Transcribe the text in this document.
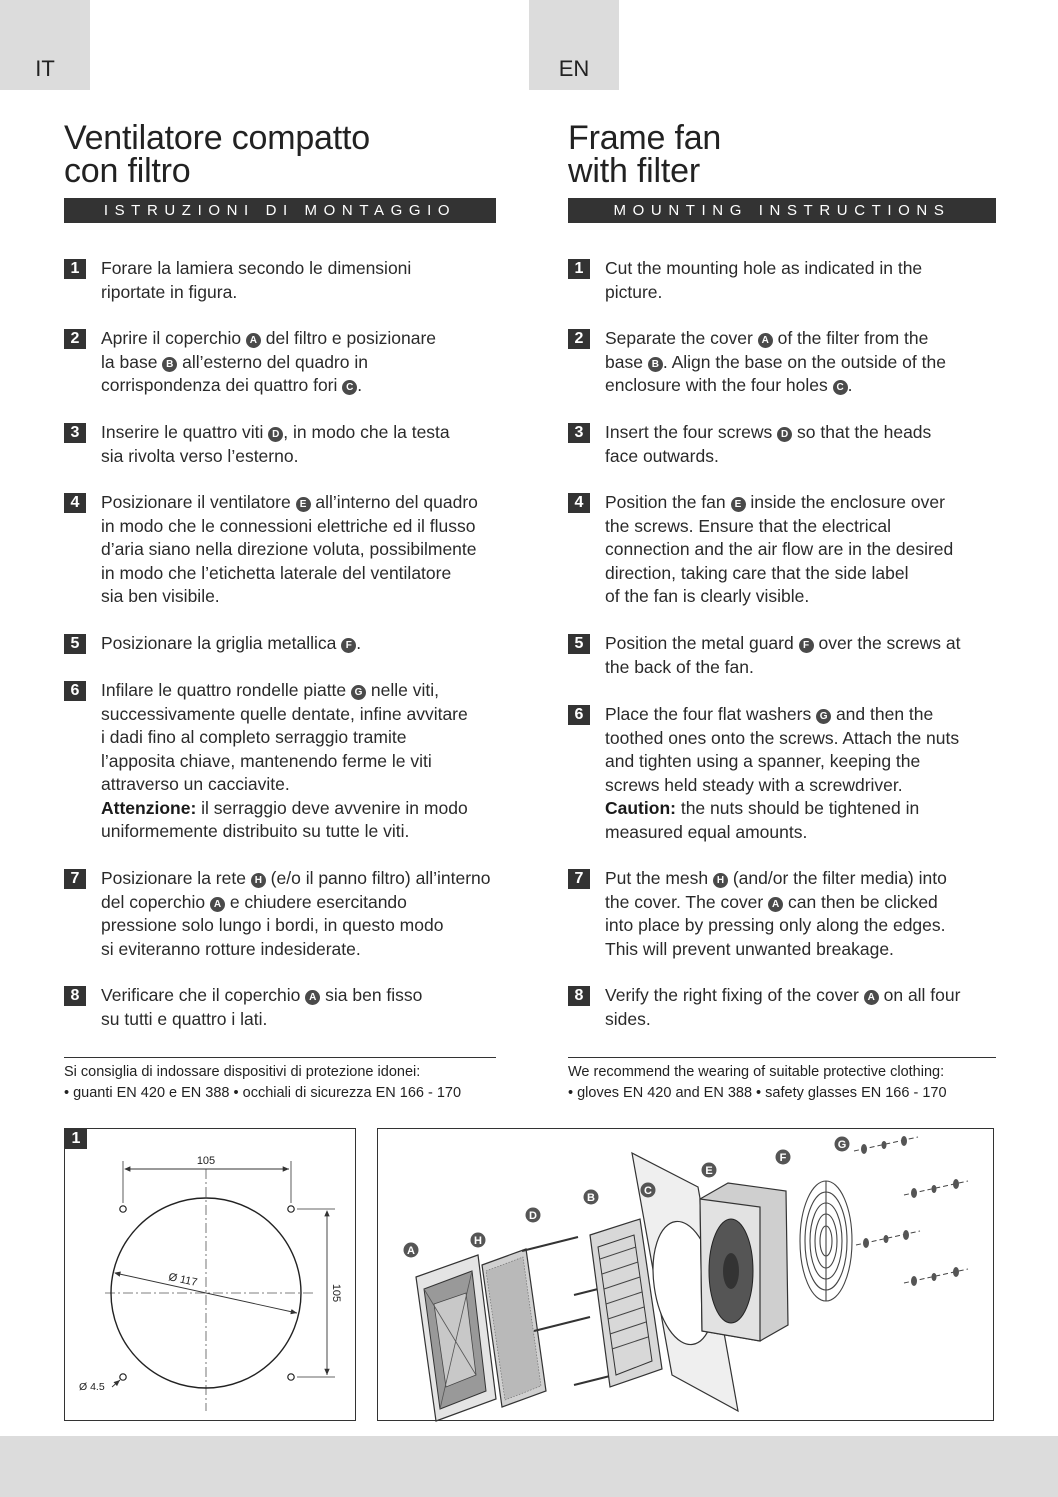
IT	EN
Ventilatore compatto
con filtro
ISTRUZIONI DI MONTAGGIO
1	Forare la lamiera secondo le dimensioni
riportate in figura.
2	Aprire il coperchio A del filtro e posizionare
la base B all’esterno del quadro in
corrispondenza dei quattro fori C .
3	Inserire le quattro viti D , in modo che la testa
sia rivolta verso l’esterno.
4	Posizionare il ventilatore E all’interno del quadro
in modo che le connessioni elettriche ed il flusso
d’aria siano nella direzione voluta, possibilmente
in modo che l’etichetta laterale del ventilatore
sia ben visibile.
5	Posizionare la griglia metallica F .
6	Infilare le quattro rondelle piatte G nelle viti,
successivamente quelle dentate, infine avvitare
i dadi fino al completo serraggio tramite
l’apposita chiave, mantenendo ferme le viti
attraverso un cacciavite.
Attenzione: il serraggio deve avvenire in modo
uniformemente distribuito su tutte le viti.
7	Posizionare la rete H (e/o il panno filtro) all’interno
del coperchio A e chiudere esercitando
pressione solo lungo i bordi, in questo modo
si eviteranno rotture indesiderate.
8	Verificare che il coperchio A sia ben fisso
su tutti e quattro i lati.
Si consiglia di indossare dispositivi di protezione idonei:
• guanti EN 420 e EN 388 • occhiali di sicurezza EN 166 - 170
Frame fan
with filter
MOUNTING INSTRUCTIONS
1	Cut the mounting hole as indicated in the
picture.
2	Separate the cover A of the filter from the
base B . Align the base on the outside of the
enclosure with the four holes C .
3	Insert the four screws D so that the heads
face outwards.
4	Position the fan E inside the enclosure over
the screws. Ensure that the electrical
connection and the air flow are in the desired
direction, taking care that the side label
of the fan is clearly visible.
5	Position the metal guard F over the screws at
the back of the fan.
6	Place the four flat washers G and then the
toothed ones onto the screws. Attach the nuts
and tighten using a spanner, keeping the
screws held steady with a screwdriver.
Caution: the nuts should be tightened in
measured equal amounts.
7	Put the mesh H (and/or the filter media) into
the cover. The cover A can then be clicked
into place by pressing only along the edges.
This will prevent unwanted breakage.
8	Verify the right fixing of the cover A on all four
sides.
We recommend the wearing of suitable protective clothing:
• gloves EN 420 and EN 388 • safety glasses EN 166 - 170
1
105
105
Ø 117
Ø 4.5
A
H
D
B
C
E
F
G
